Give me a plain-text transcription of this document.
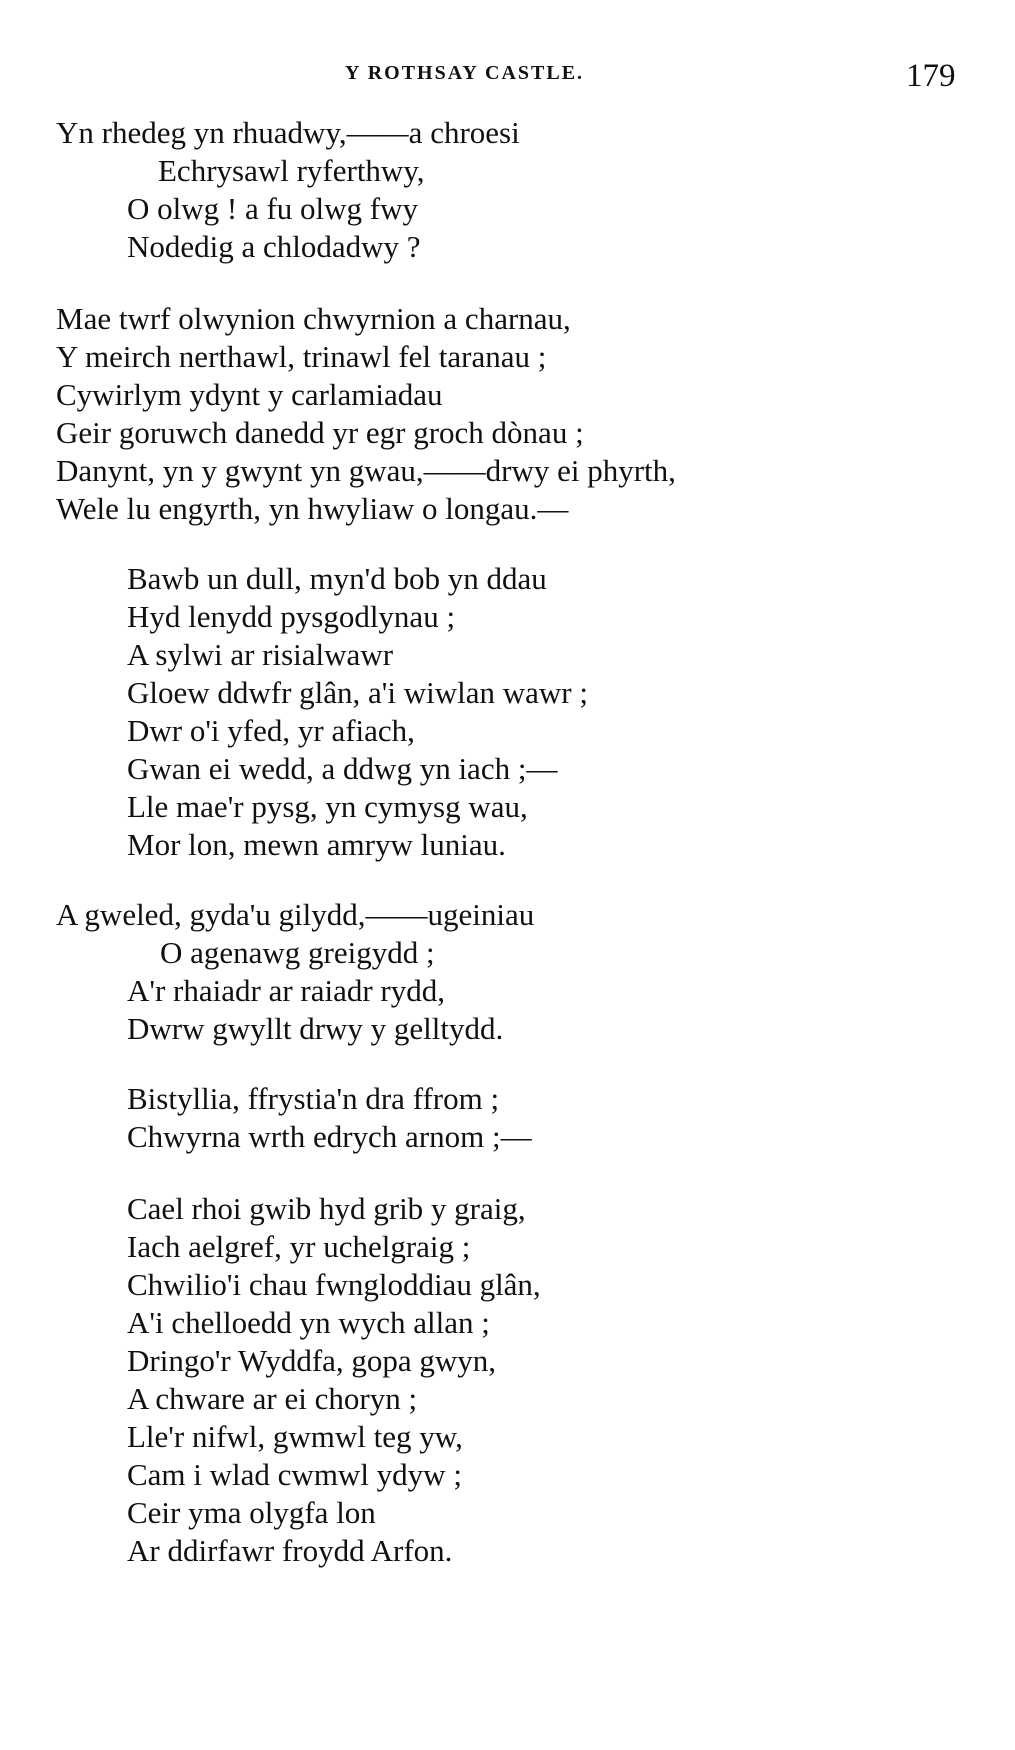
Y ROTHSAY CASTLE.	179
Yn rhedeg yn rhuadwy,——a chroesi
Echrysawl ryferthwy,
O olwg ! a fu olwg fwy
Nodedig a chlodadwy ?
Mae twrf olwynion chwyrnion a charnau,
Y meirch nerthawl, trinawl fel taranau ;
Cywirlym ydynt y carlamiadau
Geir goruwch danedd yr egr groch dònau ;
Danynt, yn y gwynt yn gwau,——drwy ei phyrth,
Wele lu engyrth, yn hwyliaw o longau.—
Bawb un dull, myn'd bob yn ddau
Hyd lenydd pysgodlynau ;
A sylwi ar risialwawr
Gloew ddwfr glân, a'i wiwlan wawr ;
Dwr o'i yfed, yr afiach,
Gwan ei wedd, a ddwg yn iach ;—
Lle mae'r pysg, yn cymysg wau,
Mor lon, mewn amryw luniau.
A gweled, gyda'u gilydd,——ugeiniau
O agenawg greigydd ;
A'r rhaiadr ar raiadr rydd,
Dwrw gwyllt drwy y gelltydd.
Bistyllia, ffrystia'n dra ffrom ;
Chwyrna wrth edrych arnom ;—
Cael rhoi gwib hyd grib y graig,
Iach aelgref, yr uchelgraig ;
Chwilio'i chau fwngloddiau glân,
A'i chelloedd yn wych allan ;
Dringo'r Wyddfa, gopa gwyn,
A chware ar ei choryn ;
Lle'r nifwl, gwmwl teg yw,
Cam i wlad cwmwl ydyw ;
Ceir yma olygfa lon
Ar ddirfawr froydd Arfon.
